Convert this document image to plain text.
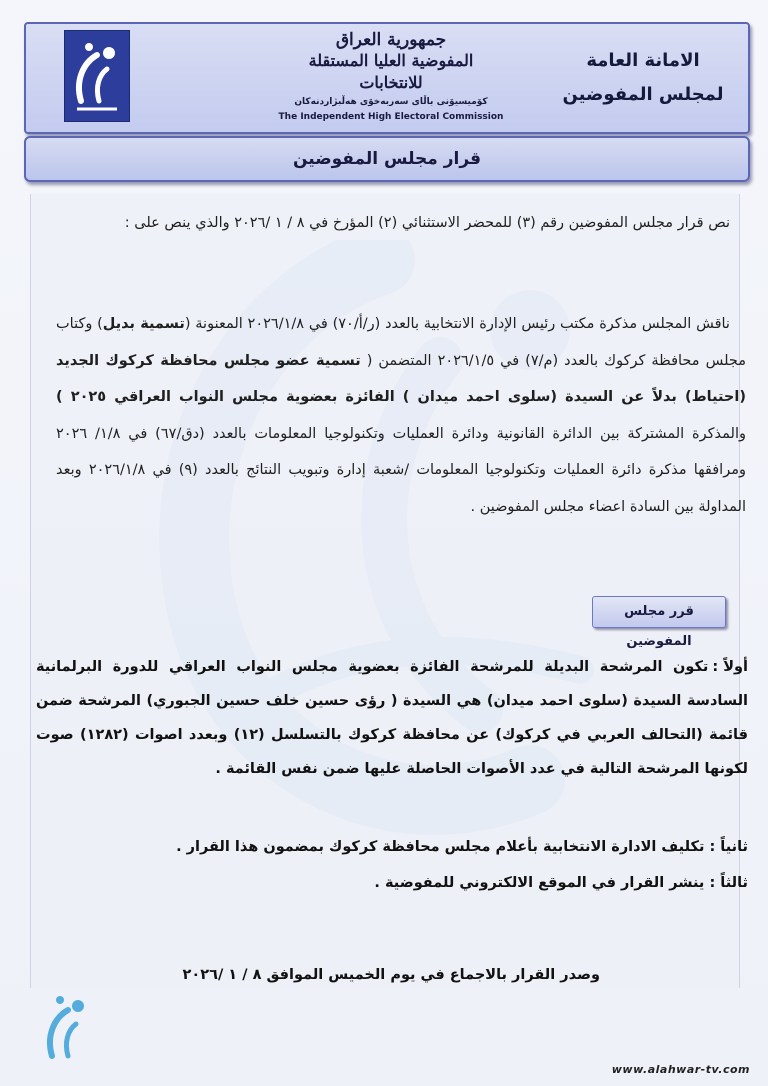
جمهورية العراق
المفوضية العليا المستقلة للانتخابات
كۆمیسیۆنی باڵای سەربەخۆی هەڵبژاردنەکان
The Independent High Electoral Commission
الامانة العامة
لمجلس المفوضين
قرار مجلس المفوضين
نص قرار مجلس المفوضين رقم (٣) للمحضر الاستثنائي (٢) المؤرخ في ٨ / ١ /٢٠٢٦ والذي ينص على :
ناقش المجلس مذكرة مكتب رئيس الإدارة الانتخابية بالعدد (ر/أ/٧٠) في ٢٠٢٦/١/٨ المعنونة (تسمية بديل) وكتاب مجلس محافظة كركوك بالعدد (م/٧) في ٢٠٢٦/١/٥ المتضمن ( تسمية عضو مجلس محافظة كركوك الجديد (احتياط) بدلاً عن السيدة (سلوى احمد ميدان ) الفائزة بعضوية مجلس النواب العراقي ٢٠٢٥ ) والمذكرة المشتركة بين الدائرة القانونية ودائرة العمليات وتكنولوجيا المعلومات بالعدد (دق/٦٧) في ١/٨/ ٢٠٢٦ ومرافقها مذكرة دائرة العمليات وتكنولوجيا المعلومات /شعبة إدارة وتبويب النتائج بالعدد (٩) في ٢٠٢٦/١/٨ وبعد المداولة بين السادة اعضاء مجلس المفوضين .
قرر مجلس المفوضين
أولاً :
تكون المرشحة البديلة للمرشحة الفائزة بعضوية مجلس النواب العراقي للدورة البرلمانية السادسة السيدة (سلوى احمد ميدان) هي السيدة ( رؤى حسين خلف حسين الجبوري) المرشحة ضمن قائمة (التحالف العربي في كركوك) عن محافظة كركوك بالتسلسل (١٢) وبعدد اصوات (١٢٨٢) صوت لكونها المرشحة التالية في عدد الأصوات الحاصلة عليها ضمن نفس القائمة .
ثانياً : تكليف الادارة الانتخابية بأعلام مجلس محافظة كركوك بمضمون هذا القرار .
ثالثاً : ينشر القرار في الموقع الالكتروني للمفوضية .
وصدر القرار بالاجماع في يوم الخميس الموافق ٨ / ١ /٢٠٢٦
www.alahwar-tv.com
